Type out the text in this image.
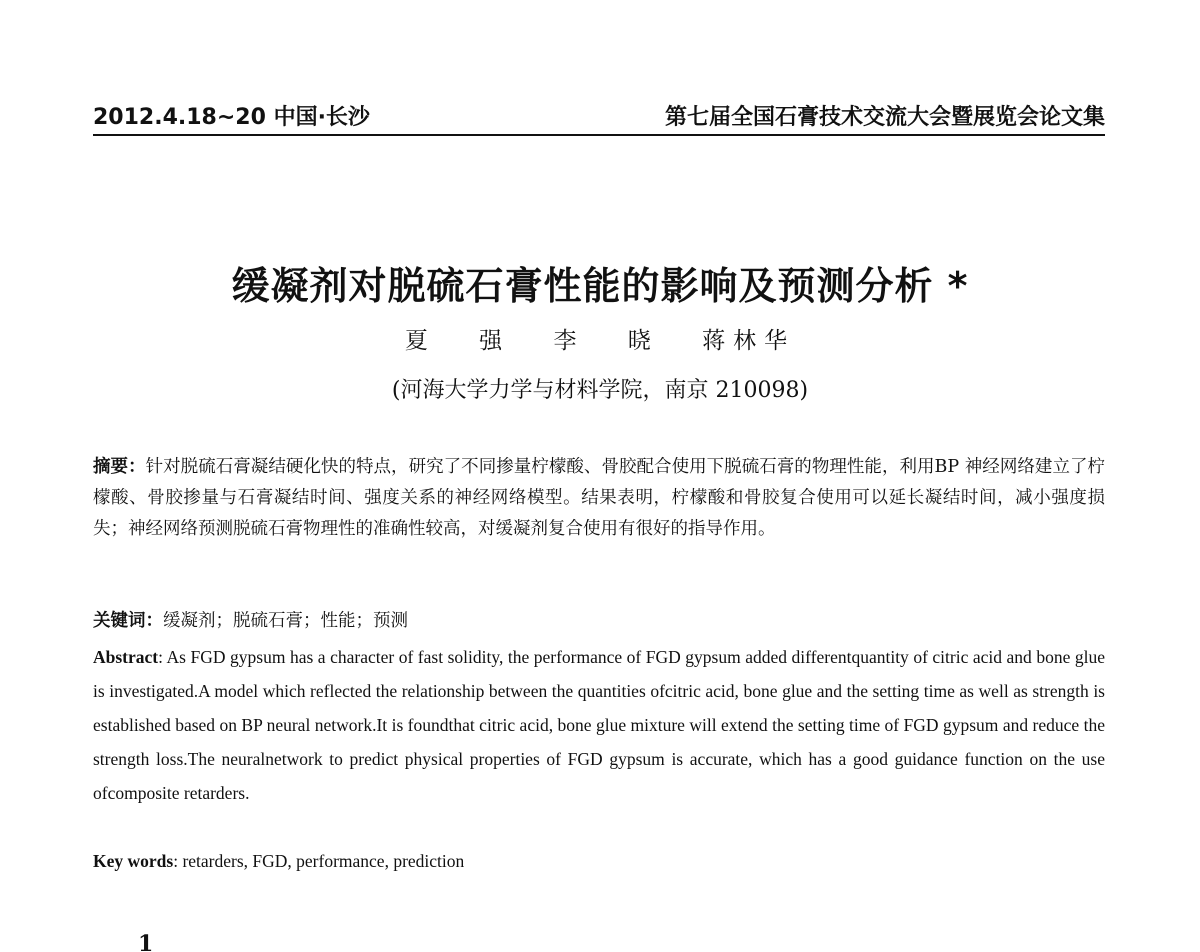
2012.4.18~20 中国·长沙	第七届全国石膏技术交流大会暨展览会论文集
缓凝剂对脱硫石膏性能的影响及预测分析 *
夏 强 李 晓 蒋林华
(河海大学力学与材料学院，南京 210098)
摘要：针对脱硫石膏凝结硬化快的特点，研究了不同掺量柠檬酸、骨胶配合使用下脱硫石膏的物理性能，利用BP 神经网络建立了柠檬酸、骨胶掺量与石膏凝结时间、强度关系的神经网络模型。结果表明，柠檬酸和骨胶复合使用可以延长凝结时间，减小强度损失；神经网络预测脱硫石膏物理性的准确性较高，对缓凝剂复合使用有很好的指导作用。
关键词：缓凝剂；脱硫石膏；性能；预测
Abstract: As FGD gypsum has a character of fast solidity, the performance of FGD gypsum added differentquantity of citric acid and bone glue is investigated.A model which reflected the relationship between the quantities ofcitric acid, bone glue and the setting time as well as strength is established based on BP neural network.It is foundthat citric acid, bone glue mixture will extend the setting time of FGD gypsum and reduce the strength loss.The neuralnetwork to predict physical properties of FGD gypsum is accurate, which has a good guidance function on the use ofcomposite retarders.
Key words: retarders, FGD, performance, prediction
1
